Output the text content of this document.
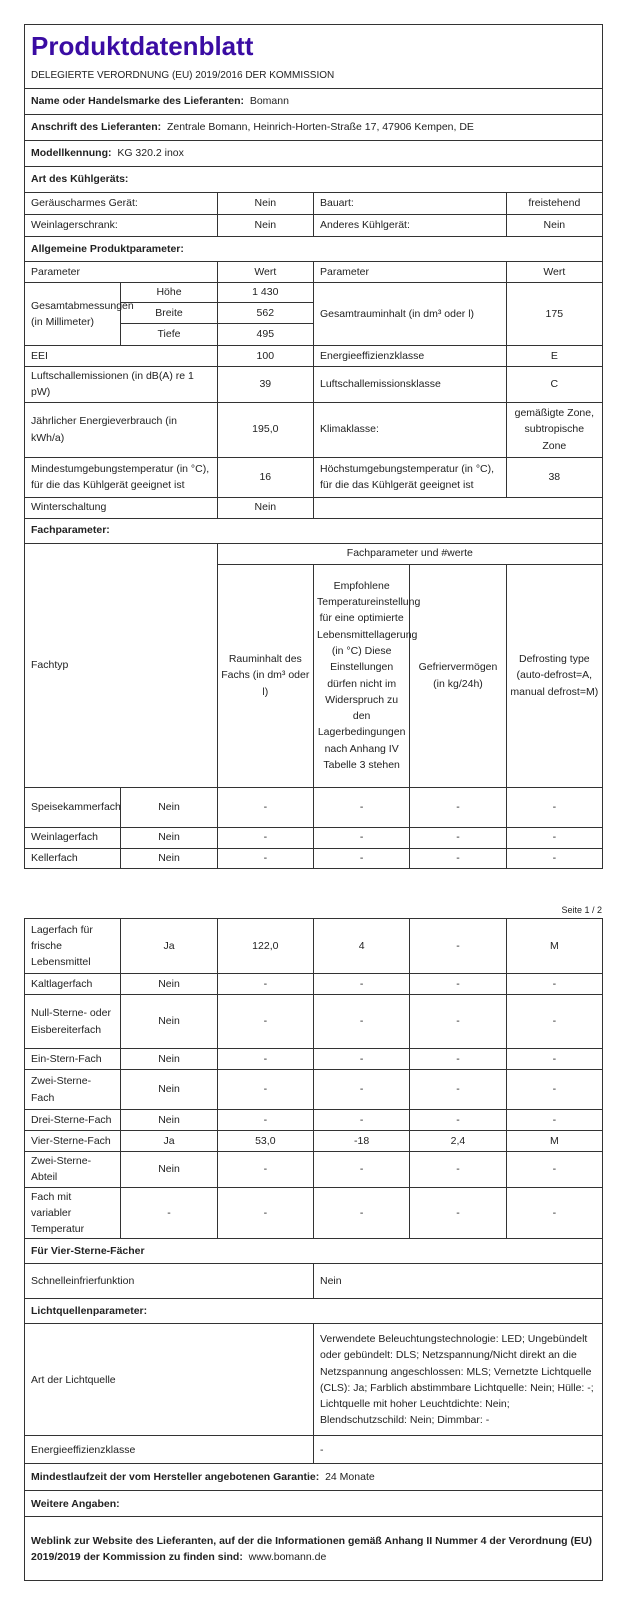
Produktdatenblatt
DELEGIERTE VERORDNUNG (EU) 2019/2016 DER KOMMISSION					

Name oder Handelsmarke des Lieferanten: Bomann					
Anschrift des Lieferanten: Zentrale Bomann, Heinrich-Horten-Straße 17, 47906 Kempen, DE					
Modellkennung: KG 320.2 inox					
Art des Kühlgeräts:					
Geräuscharmes Gerät:		Nein	Bauart:		freistehend
Weinlagerschrank:		Nein	Anderes Kühlgerät:		Nein
Allgemeine Produktparameter:					
Parameter		Wert	Parameter		Wert
Gesamtabmessungen (in Millimeter)	Höhe	1 430	Gesamtrauminhalt (in dm³ oder l)		175
	Breite	562			
	Tiefe	495			
EEI		100	Energieeffizienzklasse		E
Luftschallemissionen (in dB(A) re 1 pW)		39	Luftschallemissionsklasse		C
Jährlicher Energieverbrauch (in kWh/a)		195,0	Klimaklasse:		gemäßigte Zone, subtropische Zone
Mindestumgebungstemperatur (in °C), für die das Kühlgerät geeignet ist		16	Höchstumgebungstemperatur (in °C), für die das Kühlgerät geeignet ist		38
Winterschaltung		Nein			
Fachparameter:					
Fachtyp		Fachparameter und #werte			
		Rauminhalt des Fachs (in dm³ oder l)	Empfohlene Temperatureinstellung für eine optimierte Lebensmittellagerung (in °C) Diese Einstellungen dürfen nicht im Widerspruch zu den Lagerbedingungen nach Anhang IV Tabelle 3 stehen	Gefriervermögen (in kg/24h)	Defrosting type (auto-defrost=A, manual defrost=M)
Speisekammerfach	Nein	-	-	-	-
Weinlagerfach	Nein	-	-	-	-
Kellerfach	Nein	-	-	-	-
Seite 1 / 2
Lagerfach für frische Lebensmittel	Ja	122,0	4	-	M
Kaltlagerfach	Nein	-	-	-	-
Null-Sterne- oder Eisbereiterfach	Nein	-	-	-	-
Ein-Stern-Fach	Nein	-	-	-	-
Zwei-Sterne-Fach	Nein	-	-	-	-
Drei-Sterne-Fach	Nein	-	-	-	-
Vier-Sterne-Fach	Ja	53,0	-18	2,4	M
Zwei-Sterne-Abteil	Nein	-	-	-	-
Fach mit variabler Temperatur	-	-	-	-	-
Für Vier-Sterne-Fächer					
Schnelleinfrierfunktion			Nein		
Lichtquellenparameter:					
Art der Lichtquelle			Verwendete Beleuchtungstechnologie: LED; Ungebündelt oder gebündelt: DLS; Netzspannung/Nicht direkt an die Netzspannung angeschlossen: MLS; Vernetzte Lichtquelle (CLS): Ja; Farblich abstimmbare Lichtquelle: Nein; Hülle: -; Lichtquelle mit hoher Leuchtdichte: Nein; Blendschutzschild: Nein; Dimmbar: -		
Energieeffizienzklasse			-		
Mindestlaufzeit der vom Hersteller angebotenen Garantie: 24 Monate					
Weitere Angaben:					
Weblink zur Website des Lieferanten, auf der die Informationen gemäß Anhang II Nummer 4 der Verordnung (EU) 2019/2019 der Kommission zu finden sind: www.bomann.de					
